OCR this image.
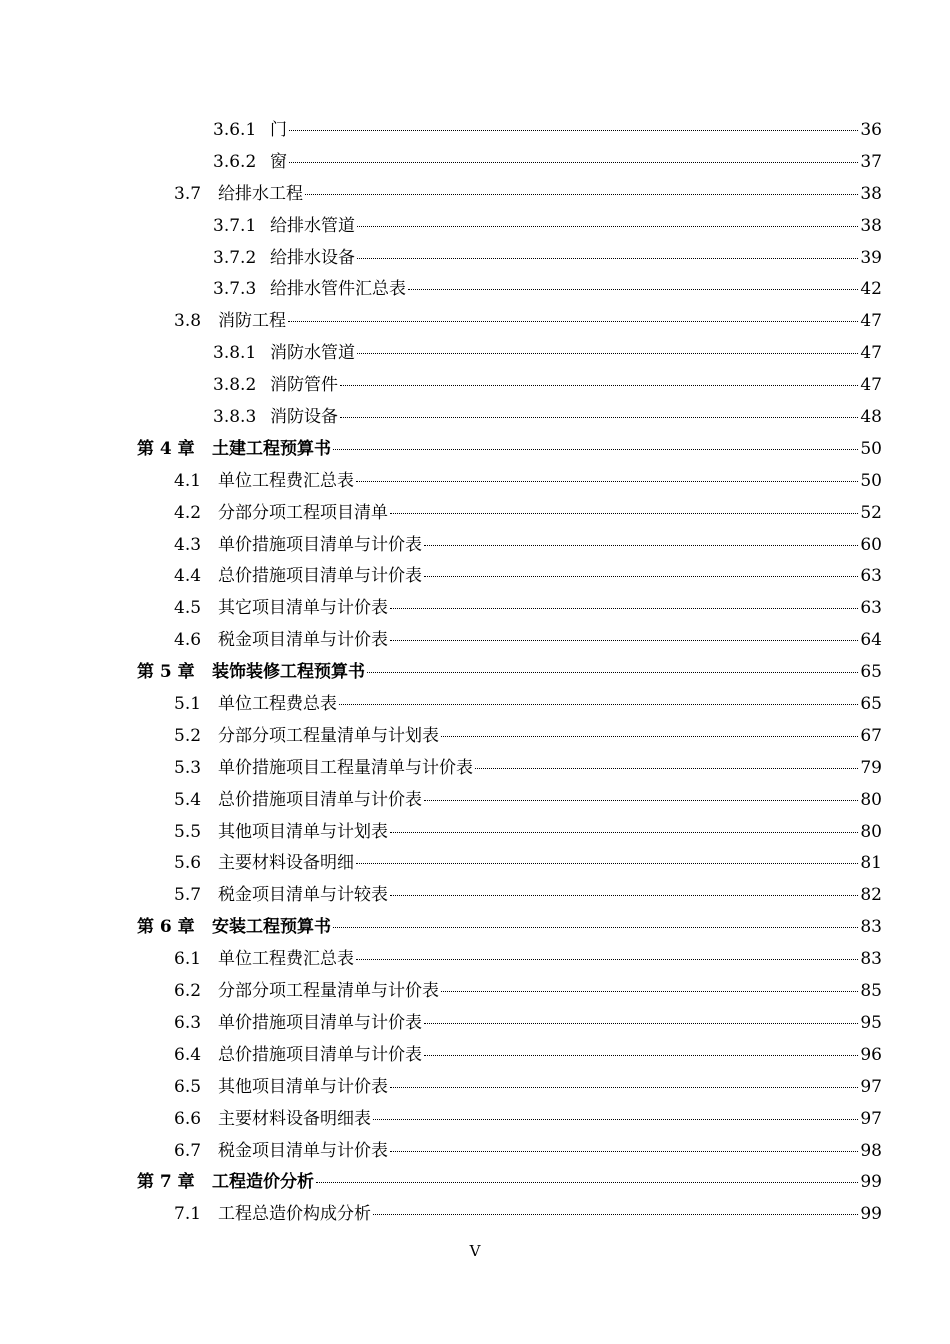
3.6.1 门	36
3.6.2 窗	37
3.7 给排水工程	38
3.7.1 给排水管道	38
3.7.2 给排水设备	39
3.7.3 给排水管件汇总表	42
3.8 消防工程	47
3.8.1 消防水管道	47
3.8.2 消防管件	47
3.8.3 消防设备	48
第 4 章	土建工程预算书	50
4.1 单位工程费汇总表	50
4.2 分部分项工程项目清单	52
4.3 单价措施项目清单与计价表	60
4.4 总价措施项目清单与计价表	63
4.5 其它项目清单与计价表	63
4.6 税金项目清单与计价表	64
第 5 章	装饰装修工程预算书	65
5.1 单位工程费总表	65
5.2 分部分项工程量清单与计划表	67
5.3 单价措施项目工程量清单与计价表	79
5.4 总价措施项目清单与计价表	80
5.5 其他项目清单与计划表	80
5.6 主要材料设备明细	81
5.7 税金项目清单与计较表	82
第 6 章	安装工程预算书	83
6.1 单位工程费汇总表	83
6.2 分部分项工程量清单与计价表	85
6.3 单价措施项目清单与计价表	95
6.4 总价措施项目清单与计价表	96
6.5 其他项目清单与计价表	97
6.6 主要材料设备明细表	97
6.7 税金项目清单与计价表	98
第 7 章	工程造价分析	99
7.1 工程总造价构成分析	99
V
